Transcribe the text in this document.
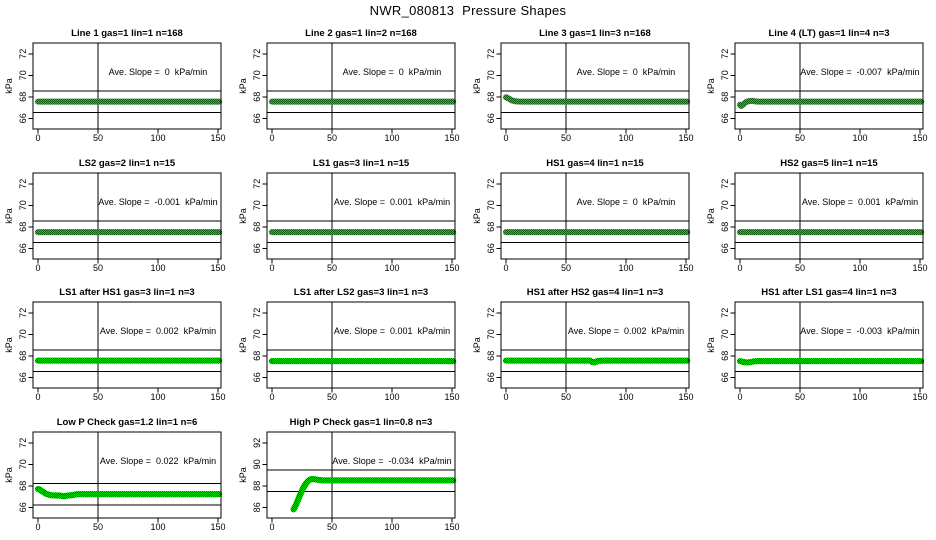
NWR_080813  Pressure Shapes
Line 1 gas=1 lin=1 n=168
66
68
70
72
0	50	100	150
kPa
Ave. Slope =  0  kPa/min
Line 2 gas=1 lin=2 n=168
66
68
70
72
0	50	100	150
kPa
Ave. Slope =  0  kPa/min
Line 3 gas=1 lin=3 n=168
66
68
70
72
0	50	100	150
kPa
Ave. Slope =  0  kPa/min
Line 4 (LT) gas=1 lin=4 n=3
66
68
70
72
0	50	100	150
kPa
Ave. Slope =  -0.007  kPa/min
LS2 gas=2 lin=1 n=15
66
68
70
72
0	50	100	150
kPa
Ave. Slope =  -0.001  kPa/min
LS1 gas=3 lin=1 n=15
66
68
70
72
0	50	100	150
kPa
Ave. Slope =  0.001  kPa/min
HS1 gas=4 lin=1 n=15
66
68
70
72
0	50	100	150
kPa
Ave. Slope =  0  kPa/min
HS2 gas=5 lin=1 n=15
66
68
70
72
0	50	100	150
kPa
Ave. Slope =  0.001  kPa/min
LS1 after HS1 gas=3 lin=1 n=3
66
68
70
72
0	50	100	150
kPa
Ave. Slope =  0.002  kPa/min
LS1 after LS2 gas=3 lin=1 n=3
66
68
70
72
0	50	100	150
kPa
Ave. Slope =  0.001  kPa/min
HS1 after HS2 gas=4 lin=1 n=3
66
68
70
72
0	50	100	150
kPa
Ave. Slope =  0.002  kPa/min
HS1 after LS1 gas=4 lin=1 n=3
66
68
70
72
0	50	100	150
kPa
Ave. Slope =  -0.003  kPa/min
Low P Check gas=1.2 lin=1 n=6
66
68
70
72
0	50	100	150
kPa
Ave. Slope =  0.022  kPa/min
High P Check gas=1 lin=0.8 n=3
86
88
90
92
0	50	100	150
kPa
Ave. Slope =  -0.034  kPa/min
